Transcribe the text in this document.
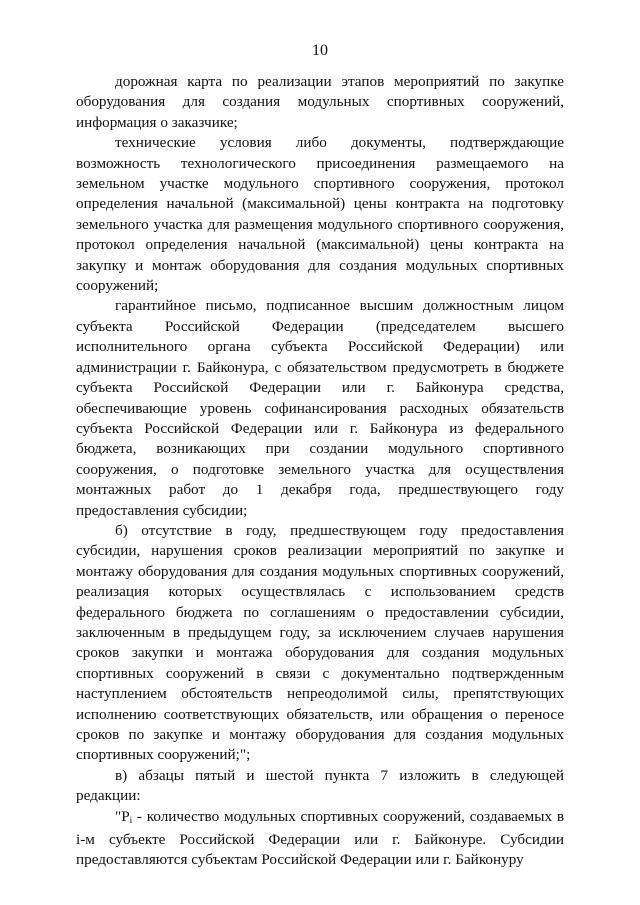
10

дорожная карта по реализации этапов мероприятий по закупке оборудования для создания модульных спортивных сооружений, информация о заказчике;

технические условия либо документы, подтверждающие возможность технологического присоединения размещаемого на земельном участке модульного спортивного сооружения, протокол определения начальной (максимальной) цены контракта на подготовку земельного участка для размещения модульного спортивного сооружения, протокол определения начальной (максимальной) цены контракта на закупку и монтаж оборудования для создания модульных спортивных сооружений;

гарантийное письмо, подписанное высшим должностным лицом субъекта Российской Федерации (председателем высшего исполнительного органа субъекта Российской Федерации) или администрации г. Байконура, с обязательством предусмотреть в бюджете субъекта Российской Федерации или г. Байконура средства, обеспечивающие уровень софинансирования расходных обязательств субъекта Российской Федерации или г. Байконура из федерального бюджета, возникающих при создании модульного спортивного сооружения, о подготовке земельного участка для осуществления монтажных работ до 1 декабря года, предшествующего году предоставления субсидии;

б) отсутствие в году, предшествующем году предоставления субсидии, нарушения сроков реализации мероприятий по закупке и монтажу оборудования для создания модульных спортивных сооружений, реализация которых осуществлялась с использованием средств федерального бюджета по соглашениям о предоставлении субсидии, заключенным в предыдущем году, за исключением случаев нарушения сроков закупки и монтажа оборудования для создания модульных спортивных сооружений в связи с документально подтвержденным наступлением обстоятельств непреодолимой силы, препятствующих исполнению соответствующих обязательств, или обращения о переносе сроков по закупке и монтажу оборудования для создания модульных спортивных сооружений;";

в) абзацы пятый и шестой пункта 7 изложить в следующей редакции:

"$P_i$ - количество модульных спортивных сооружений, создаваемых в i-м субъекте Российской Федерации или г. Байконуре. Субсидии предоставляются субъектам Российской Федерации или г. Байконуру
